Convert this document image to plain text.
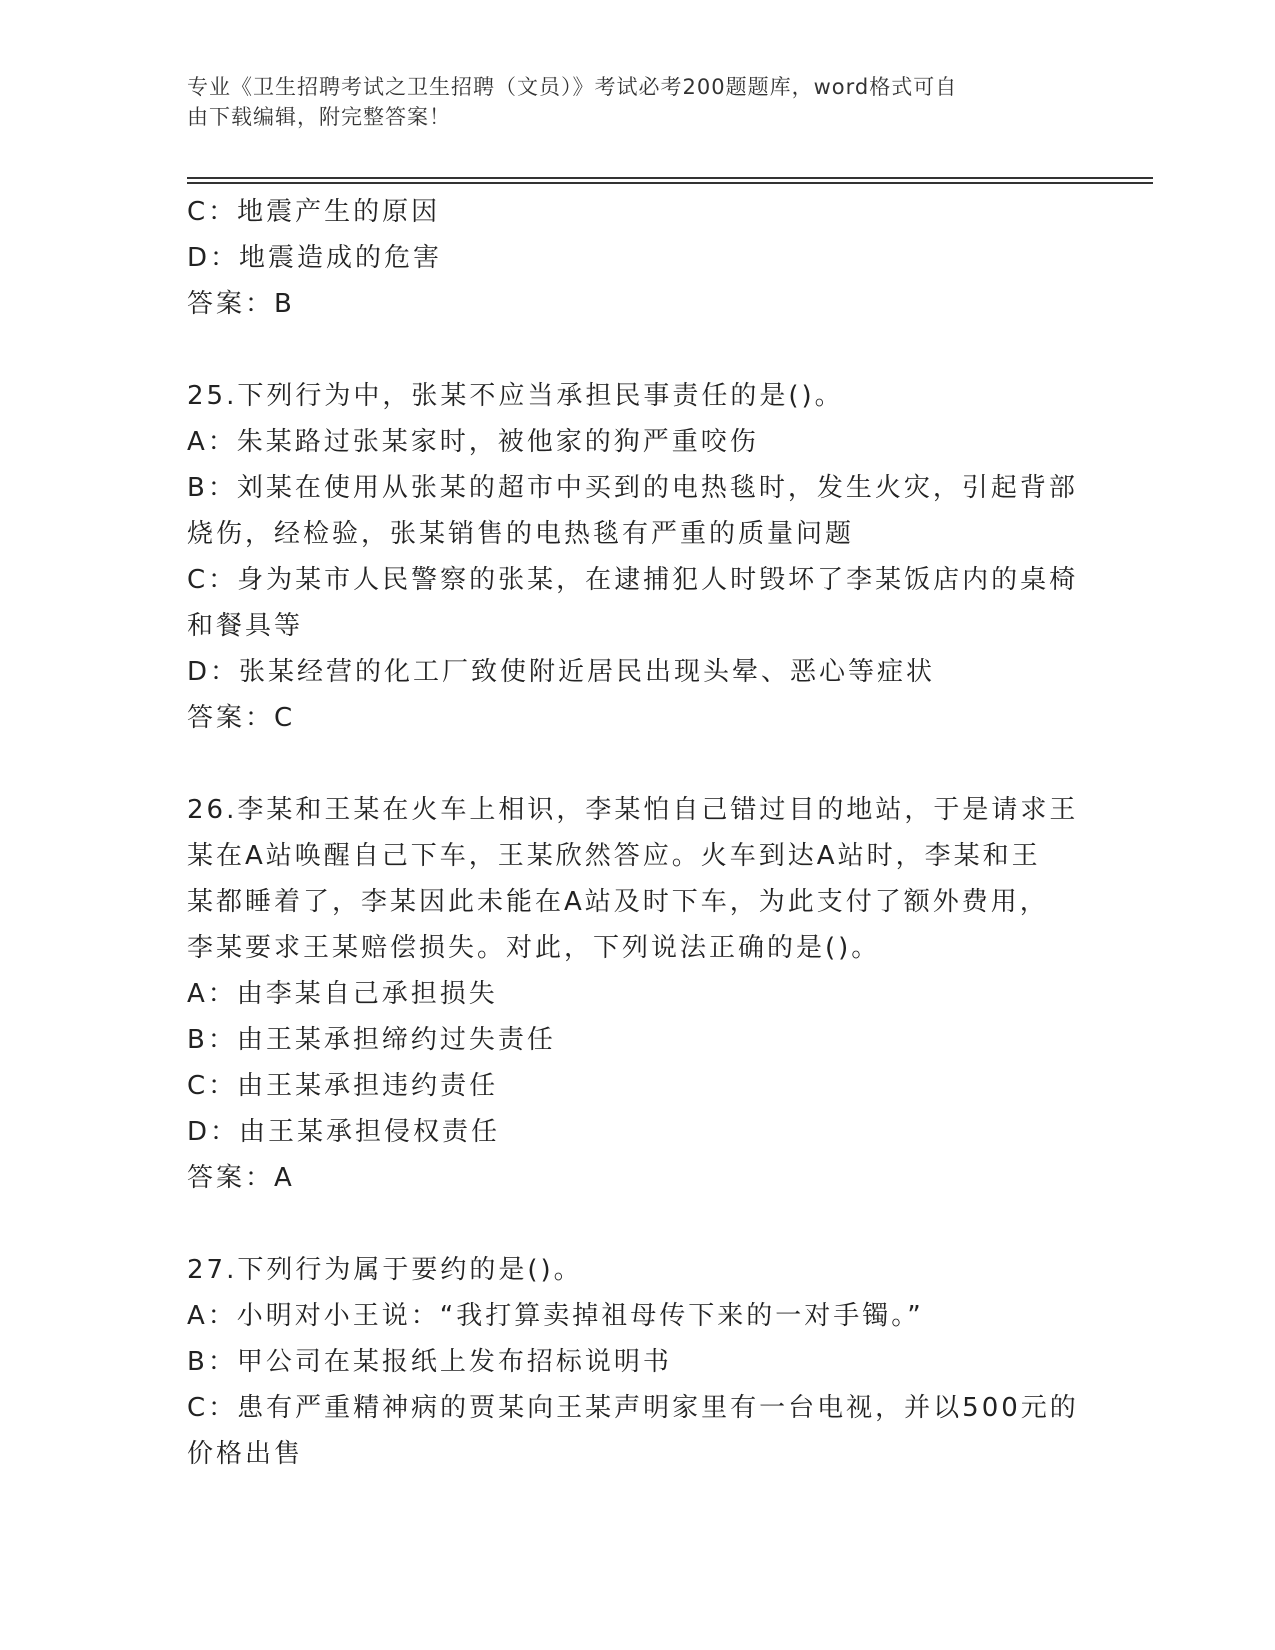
专业《卫生招聘考试之卫生招聘（文员）》考试必考200题题库，word格式可自
由下载编辑，附完整答案！
C：地震产生的原因
D：地震造成的危害
答案：B
25.下列行为中，张某不应当承担民事责任的是()。
A：朱某路过张某家时，被他家的狗严重咬伤
B：刘某在使用从张某的超市中买到的电热毯时，发生火灾，引起背部
烧伤，经检验，张某销售的电热毯有严重的质量问题
C：身为某市人民警察的张某，在逮捕犯人时毁坏了李某饭店内的桌椅
和餐具等
D：张某经营的化工厂致使附近居民出现头晕、恶心等症状
答案：C
26.李某和王某在火车上相识，李某怕自己错过目的地站，于是请求王
某在A站唤醒自己下车，王某欣然答应。火车到达A站时，李某和王
某都睡着了，李某因此未能在A站及时下车，为此支付了额外费用，
李某要求王某赔偿损失。对此，下列说法正确的是()。
A：由李某自己承担损失
B：由王某承担缔约过失责任
C：由王某承担违约责任
D：由王某承担侵权责任
答案：A
27.下列行为属于要约的是()。
A：小明对小王说：“我打算卖掉祖母传下来的一对手镯。”
B：甲公司在某报纸上发布招标说明书
C：患有严重精神病的贾某向王某声明家里有一台电视，并以500元的
价格出售
